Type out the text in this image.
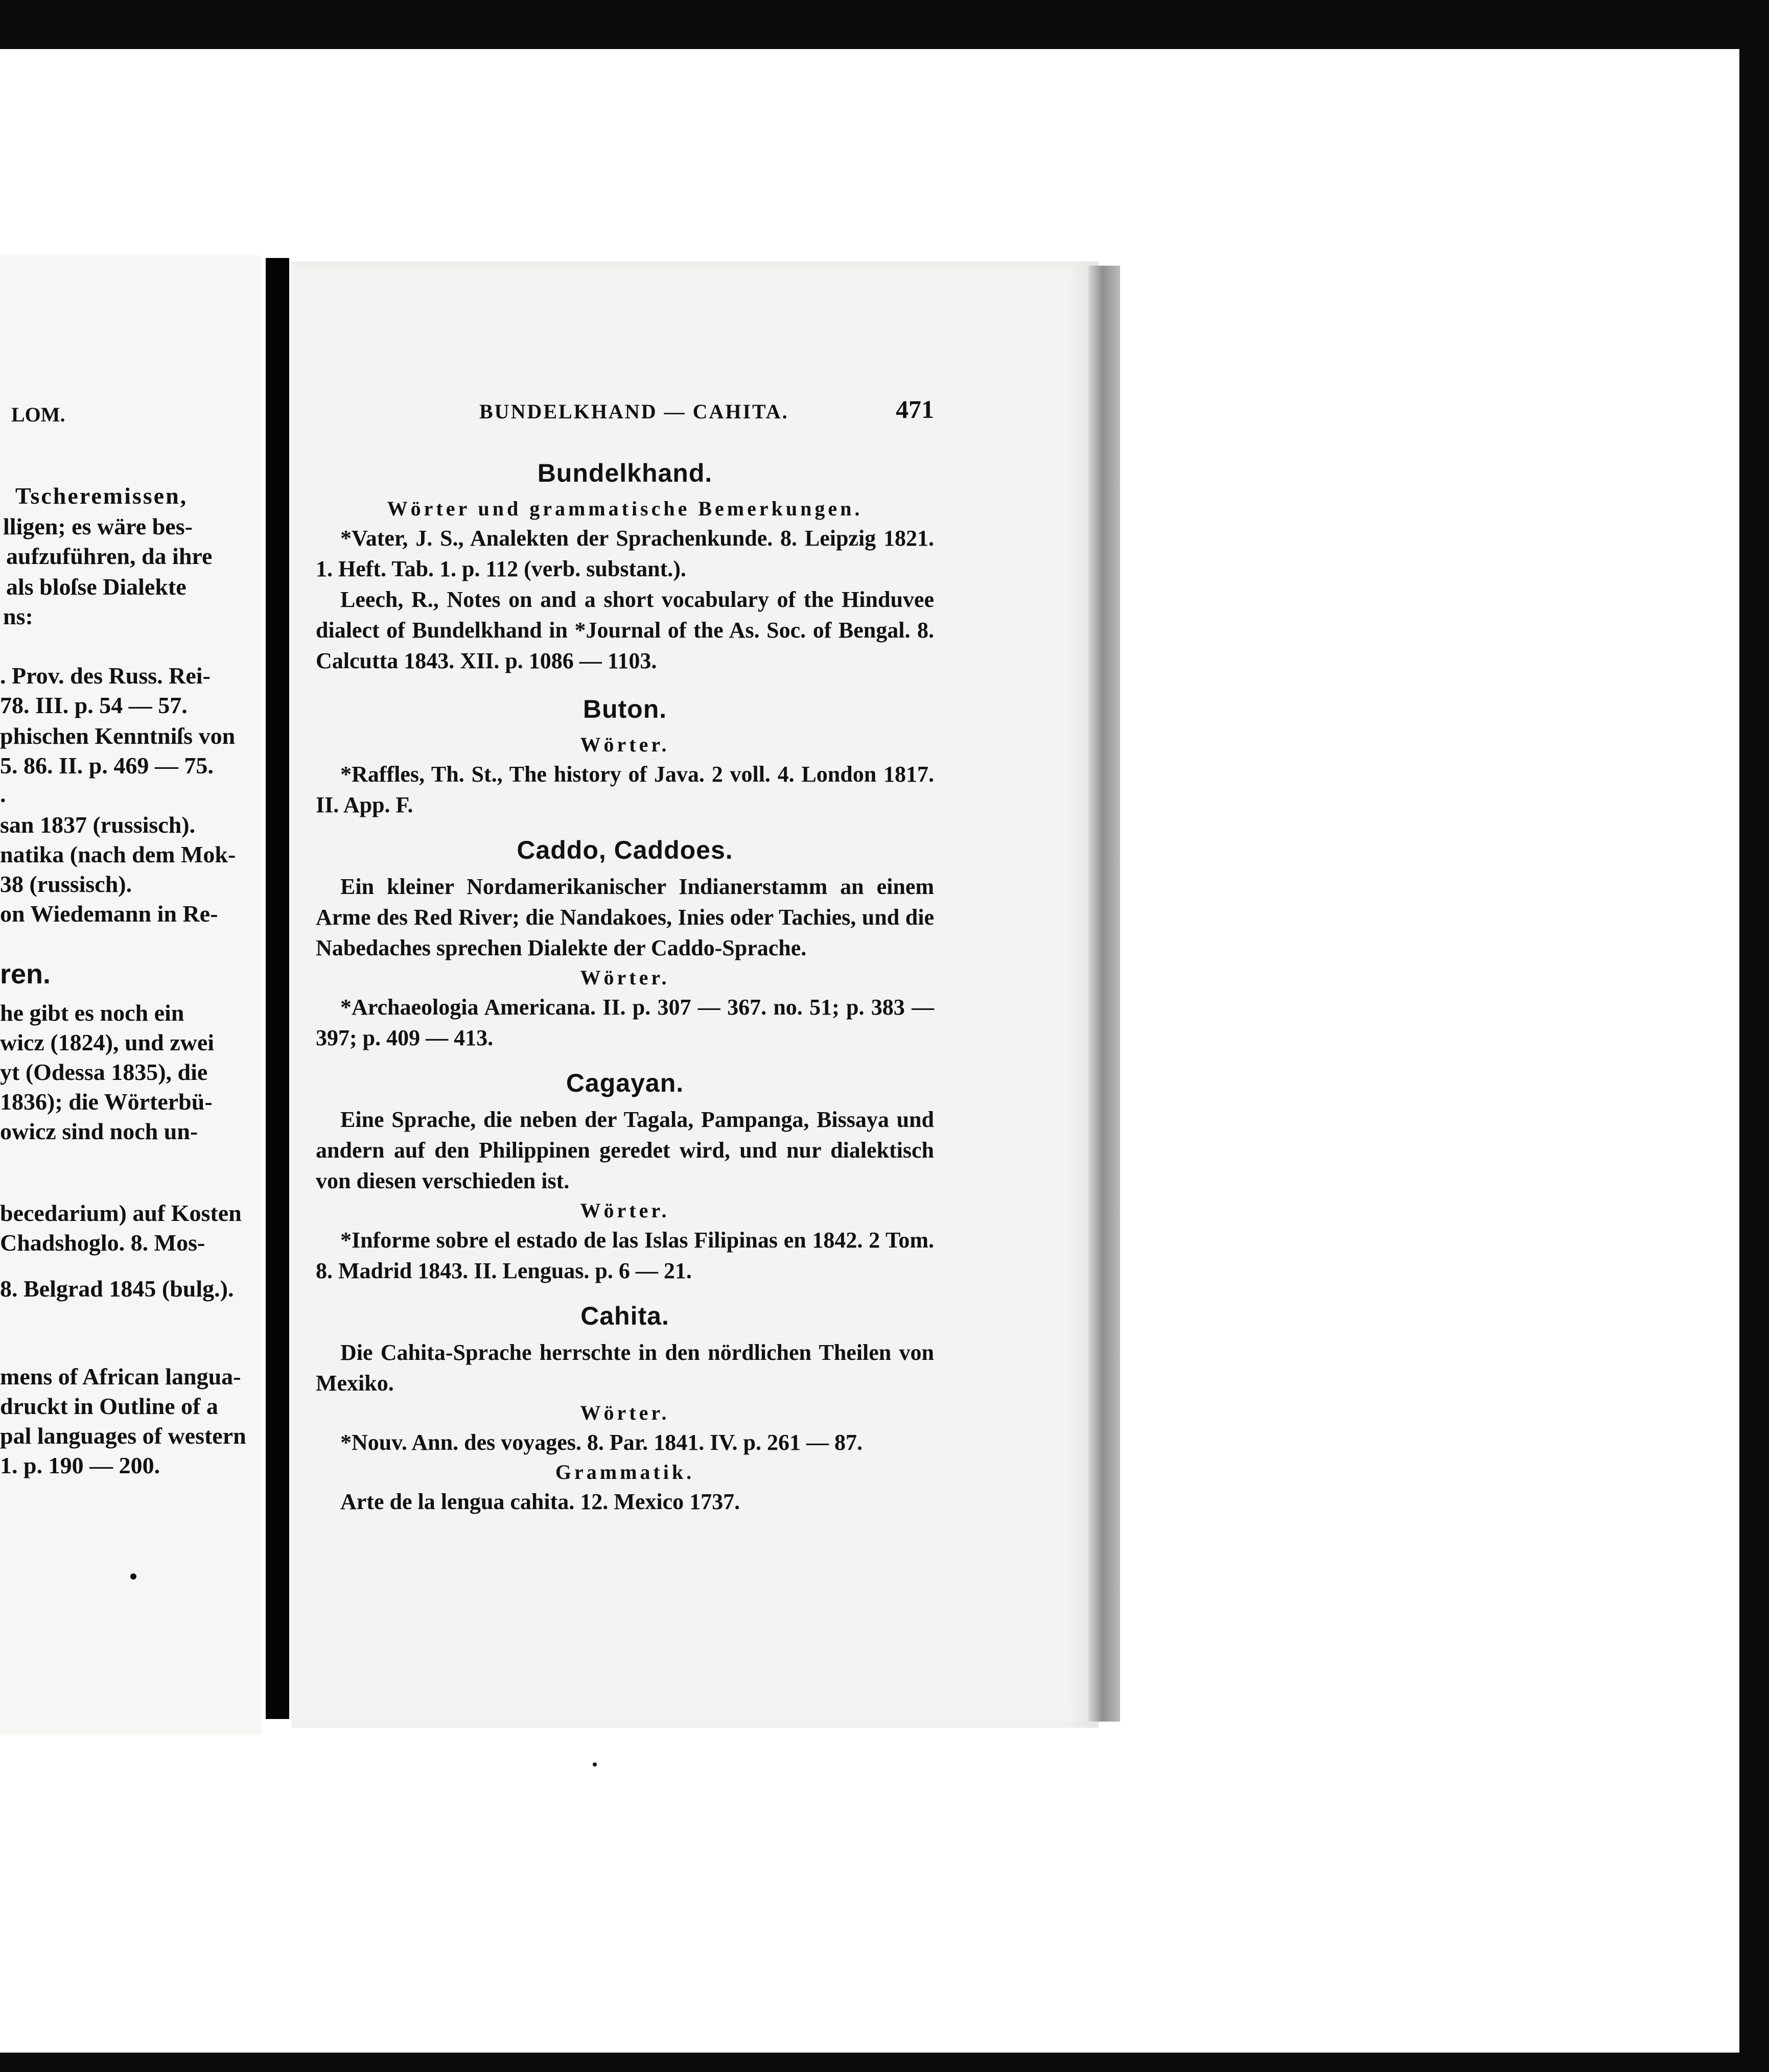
LOM.
Tscheremissen,
lligen; es wäre bes-
aufzuführen, da ihre
als bloſse Dialekte
ns:
. Prov. des Russ. Rei-
78. III. p. 54 — 57.
phischen Kenntniſs von
5. 86. II. p. 469 — 75.
.
san 1837 (russisch).
natika (nach dem Mok-
38 (russisch).
on Wiedemann in Re-
ren.
he gibt es noch ein
wicz (1824), und zwei
yt (Odessa 1835), die
1836); die Wörterbü-
owicz sind noch un-
becedarium) auf Kosten
Chadshoglo. 8. Mos-
8. Belgrad 1845 (bulg.).
mens of African langua-
druckt in Outline of a
pal languages of western
1. p. 190 — 200.
BUNDELKHAND — CAHITA.	471
Bundelkhand.
Wörter und grammatische Bemerkungen.

*Vater, J. S., Analekten der Sprachenkunde. 8. Leipzig 1821. 1. Heft. Tab. 1. p. 112 (verb. substant.).

Leech, R., Notes on and a short vocabulary of the Hinduvee dialect of Bundelkhand in *Journal of the As. Soc. of Bengal. 8. Calcutta 1843. XII. p. 1086 — 1103.

Buton.
Wörter.

*Raffles, Th. St., The history of Java. 2 voll. 4. London 1817. II. App. F.

Caddo, Caddoes.

Ein kleiner Nordamerikanischer Indianerstamm an einem Arme des Red River; die Nandakoes, Inies oder Tachies, und die Nabedaches sprechen Dialekte der Caddo-Sprache.

Wörter.

*Archaeologia Americana. II. p. 307 — 367. no. 51; p. 383 — 397; p. 409 — 413.

Cagayan.

Eine Sprache, die neben der Tagala, Pampanga, Bissaya und andern auf den Philippinen geredet wird, und nur dialektisch von diesen verschieden ist.

Wörter.

*Informe sobre el estado de las Islas Filipinas en 1842. 2 Tom. 8. Madrid 1843. II. Lenguas. p. 6 — 21.

Cahita.

Die Cahita-Sprache herrschte in den nördlichen Theilen von Mexiko.

Wörter.

*Nouv. Ann. des voyages. 8. Par. 1841. IV. p. 261 — 87.

Grammatik.

Arte de la lengua cahita. 12. Mexico 1737.
